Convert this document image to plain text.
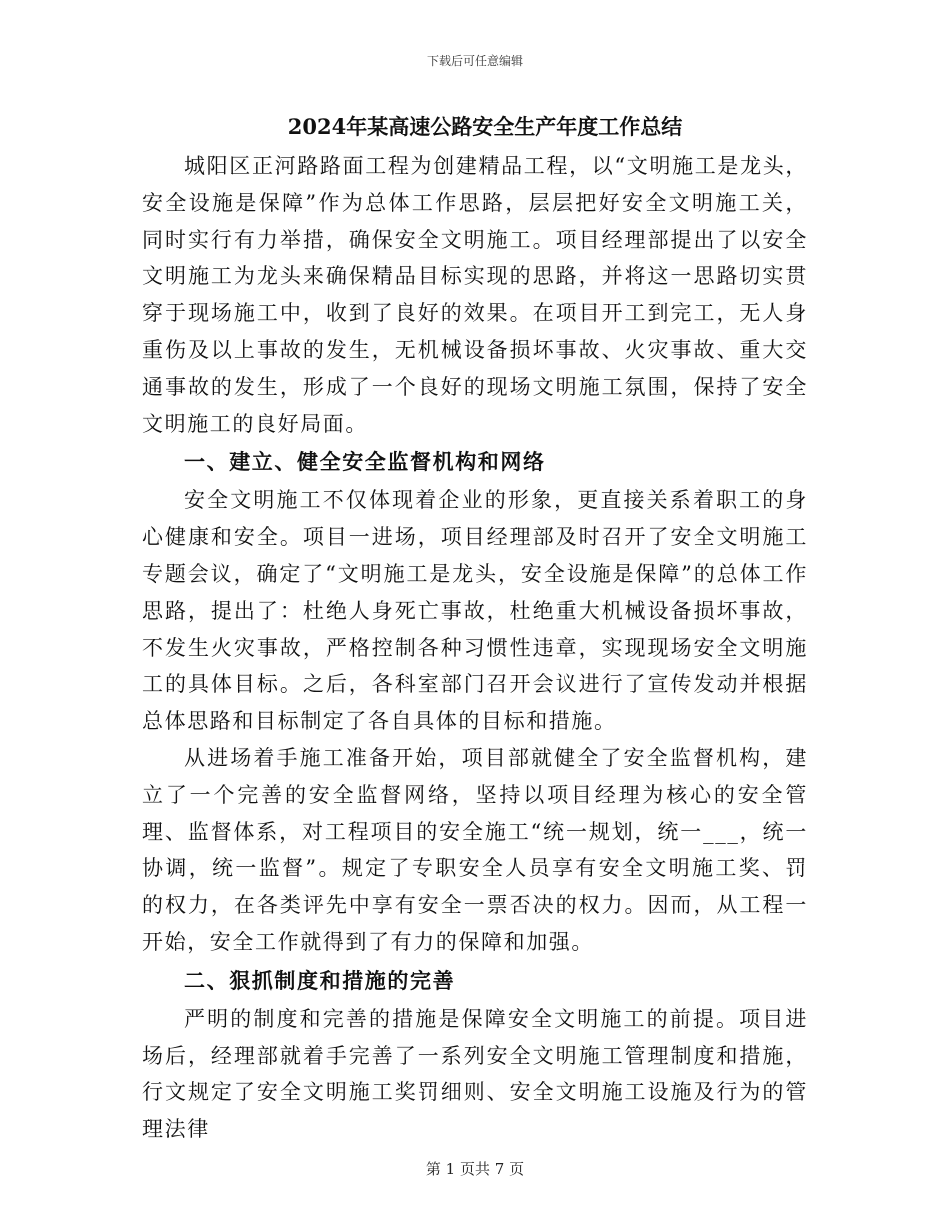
下载后可任意编辑
2024年某高速公路安全生产年度工作总结

城阳区正河路路面工程为创建精品工程，以“文明施工是龙头，安全设施是保障”作为总体工作思路，层层把好安全文明施工关，同时实行有力举措，确保安全文明施工。项目经理部提出了以安全文明施工为龙头来确保精品目标实现的思路，并将这一思路切实贯穿于现场施工中，收到了良好的效果。在项目开工到完工，无人身重伤及以上事故的发生，无机械设备损坏事故、火灾事故、重大交通事故的发生，形成了一个良好的现场文明施工氛围，保持了安全文明施工的良好局面。

一、建立、健全安全监督机构和网络

安全文明施工不仅体现着企业的形象，更直接关系着职工的身心健康和安全。项目一进场，项目经理部及时召开了安全文明施工专题会议，确定了“文明施工是龙头，安全设施是保障”的总体工作思路，提出了：杜绝人身死亡事故，杜绝重大机械设备损坏事故，不发生火灾事故，严格控制各种习惯性违章，实现现场安全文明施工的具体目标。之后，各科室部门召开会议进行了宣传发动并根据总体思路和目标制定了各自具体的目标和措施。

从进场着手施工准备开始，项目部就健全了安全监督机构，建立了一个完善的安全监督网络，坚持以项目经理为核心的安全管理、监督体系，对工程项目的安全施工“统一规划，统一___，统一协调，统一监督”。规定了专职安全人员享有安全文明施工奖、罚的权力，在各类评先中享有安全一票否决的权力。因而，从工程一开始，安全工作就得到了有力的保障和加强。

二、狠抓制度和措施的完善

严明的制度和完善的措施是保障安全文明施工的前提。项目进场后，经理部就着手完善了一系列安全文明施工管理制度和措施，行文规定了安全文明施工奖罚细则、安全文明施工设施及行为的管理法律

第 1 页共 7 页
